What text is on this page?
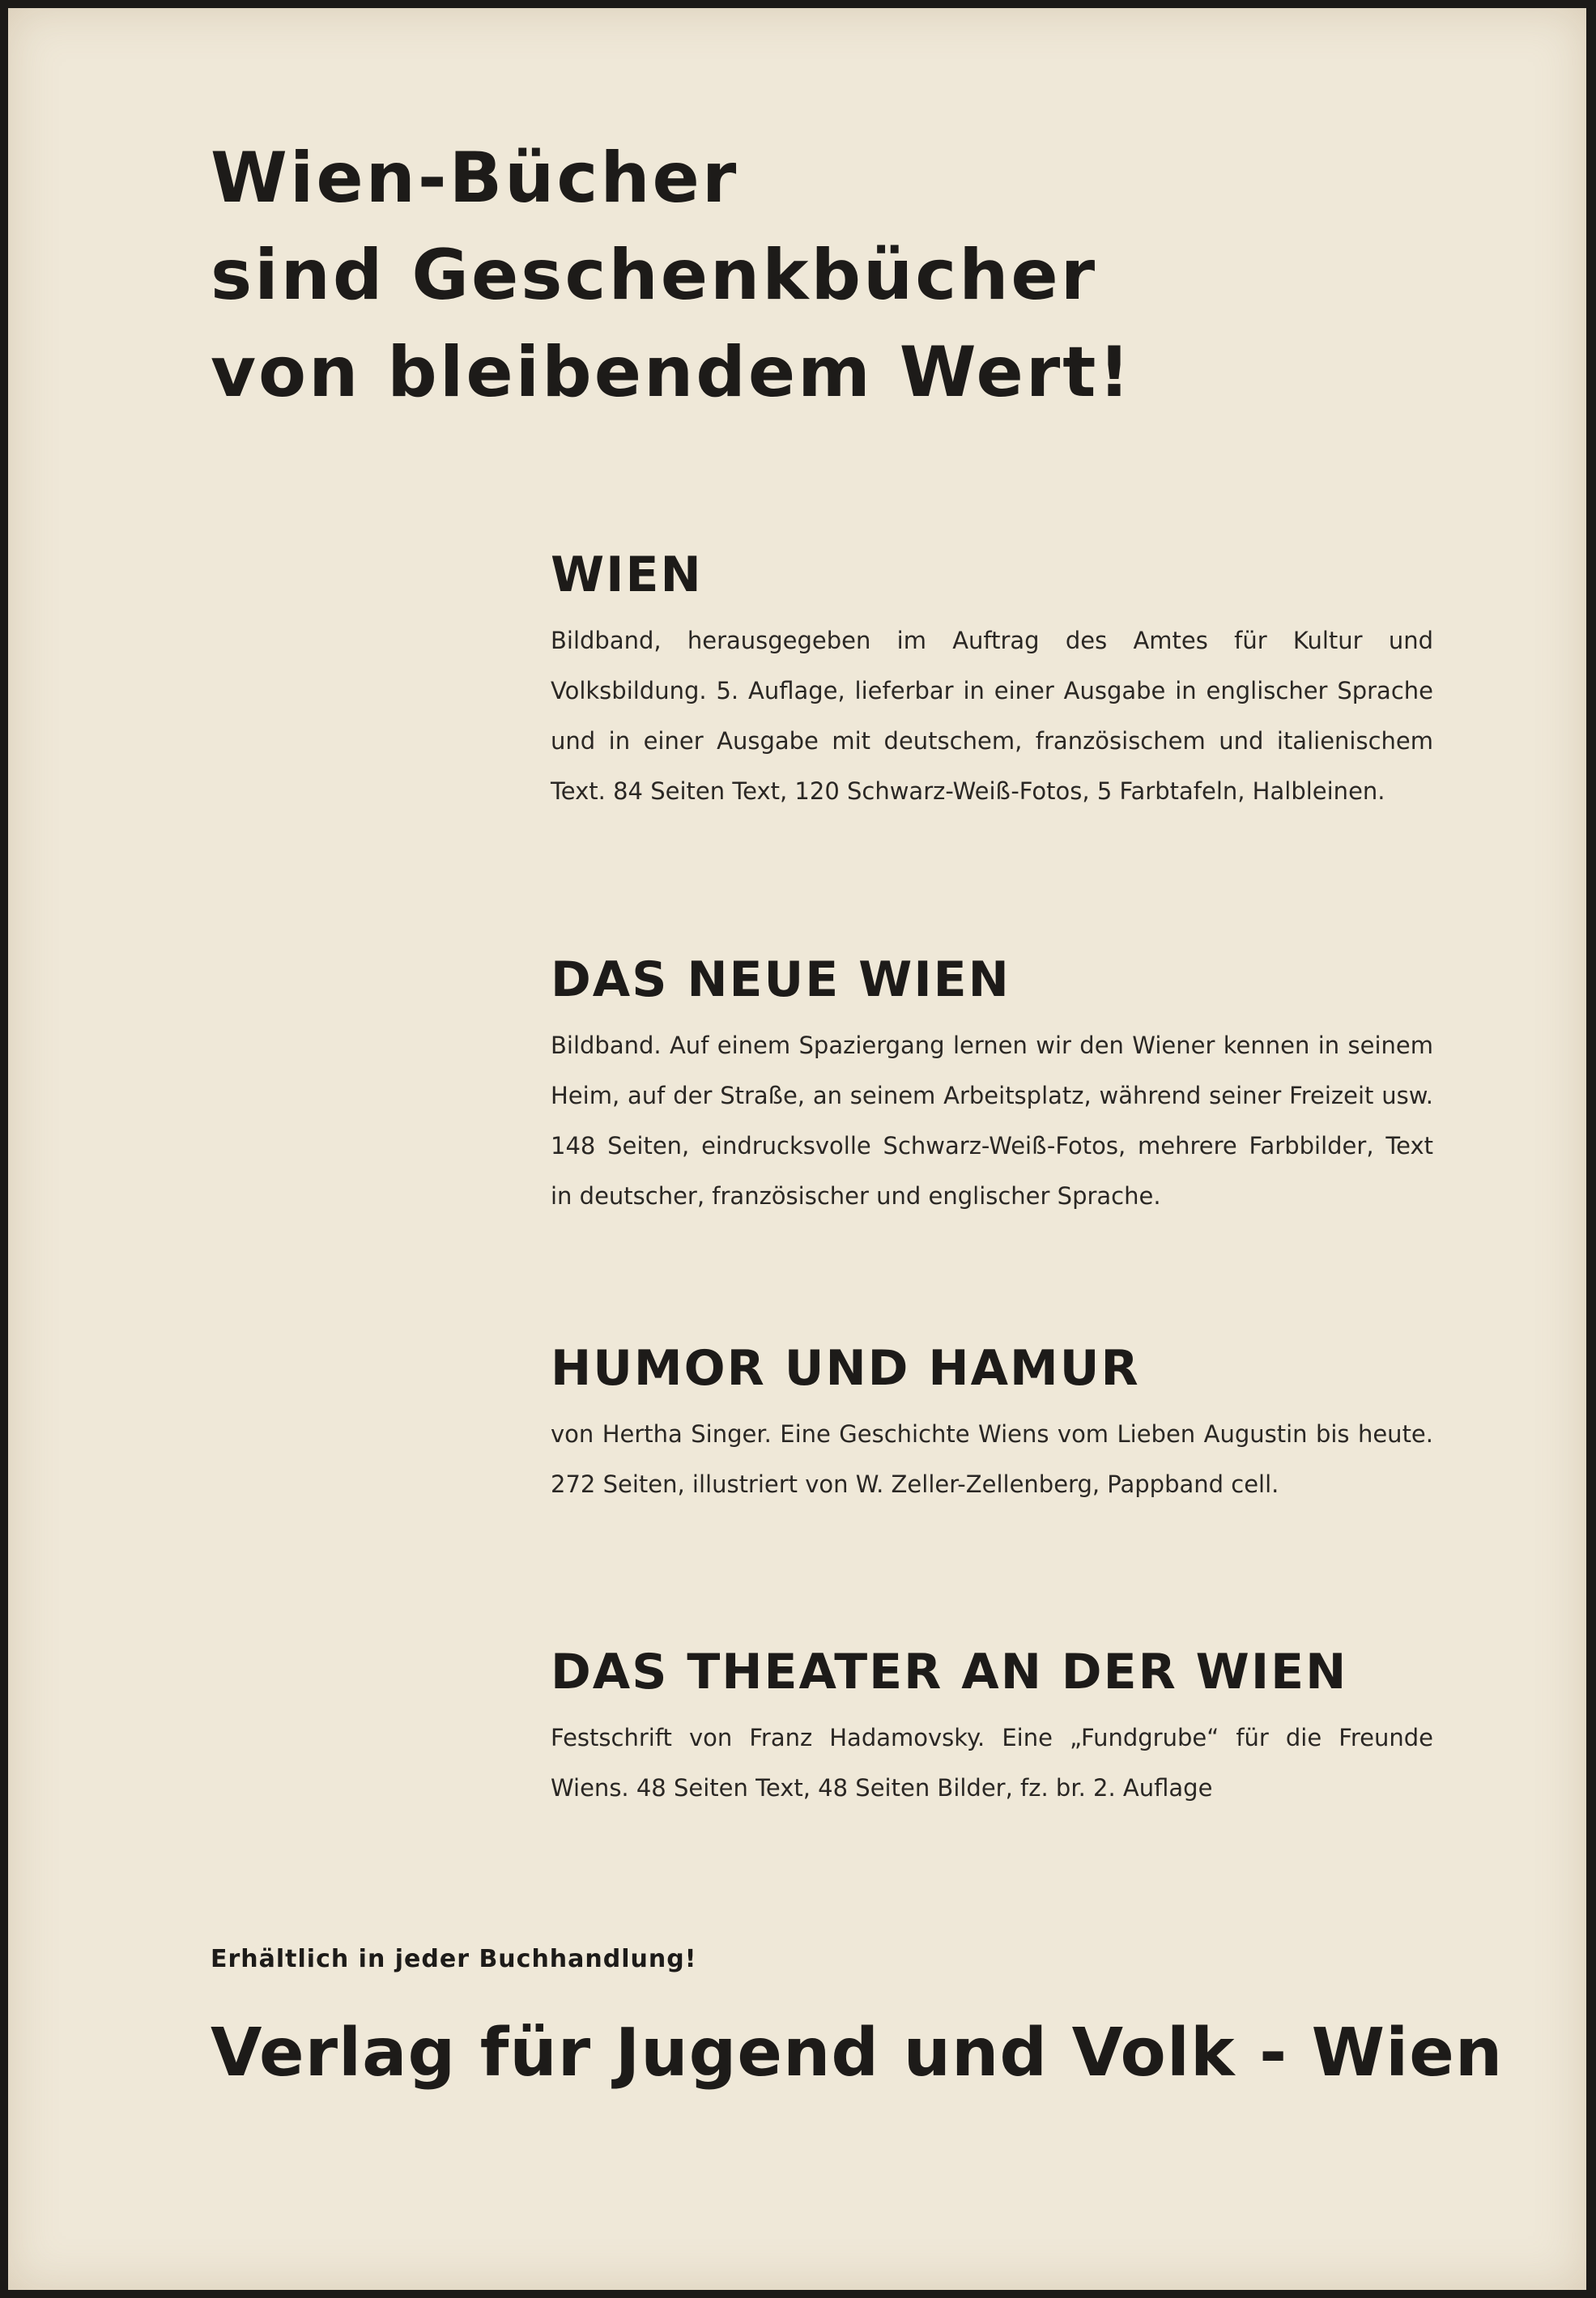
Wien-Bücher
sind Geschenkbücher
von bleibendem Wert!
WIEN

Bildband, herausgegeben im Auftrag des Amtes für Kultur und Volksbildung. 5. Auflage, lieferbar in einer Ausgabe in englischer Sprache und in einer Ausgabe mit deutschem, französischem und italienischem Text. 84 Seiten Text, 120 Schwarz-Weiß-Fotos, 5 Farbtafeln, Halbleinen.

DAS NEUE WIEN

Bildband. Auf einem Spaziergang lernen wir den Wiener kennen in seinem Heim, auf der Straße, an seinem Arbeitsplatz, während seiner Freizeit usw. 148 Seiten, eindrucksvolle Schwarz-Weiß-Fotos, mehrere Farbbilder, Text in deutscher, französischer und englischer Sprache.

HUMOR UND HAMUR

von Hertha Singer. Eine Geschichte Wiens vom Lieben Augustin bis heute. 272 Seiten, illustriert von W. Zeller-Zellenberg, Pappband cell.

DAS THEATER AN DER WIEN

Festschrift von Franz Hadamovsky. Eine „Fundgrube“ für die Freunde Wiens. 48 Seiten Text, 48 Seiten Bilder, fz. br. 2. Auflage

Erhältlich in jeder Buchhandlung!

Verlag für Jugend und Volk - Wien
